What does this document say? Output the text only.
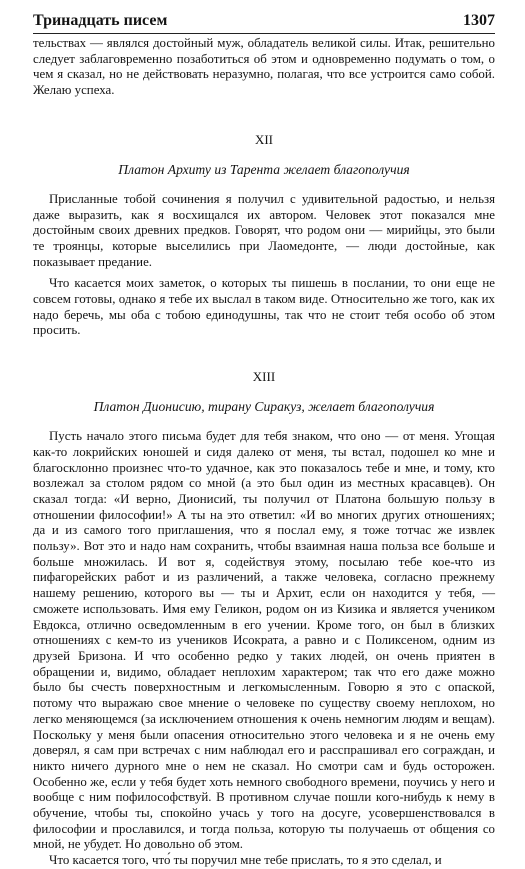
Тринадцать писем	1307

тельствах — являлся достойный муж, обладатель великой силы. Итак, решительно следует заблаговременно позаботиться об этом и одновременно подумать о том, о чем я сказал, но не действовать неразумно, полагая, что все устроится само собой. Желаю успеха.

XII

Платон Архиту из Тарента желает благополучия

Присланные тобой сочинения я получил с удивительной радостью, и нельзя даже выразить, как я восхищался их автором. Человек этот показался мне достойным своих древних предков. Говорят, что родом они — мирийцы, это были те троянцы, которые выселились при Лаомедонте, — люди достойные, как показывает предание.

Что касается моих заметок, о которых ты пишешь в послании, то они еще не совсем готовы, однако я тебе их выслал в таком виде. Относительно же того, как их надо беречь, мы оба с тобою единодушны, так что не стоит тебя особо об этом просить.

XIII

Платон Дионисию, тирану Сиракуз, желает благополучия

Пусть начало этого письма будет для тебя знаком, что оно — от меня. Угощая как-то локрийских юношей и сидя далеко от меня, ты встал, подошел ко мне и благосклонно произнес что-то удачное, как это показалось тебе и мне, и тому, кто возлежал за столом рядом со мной (а это был один из местных красавцев). Он сказал тогда: «И верно, Дионисий, ты получил от Платона большую пользу в отношении философии!» А ты на это ответил: «И во многих других отношениях; да и из самого того приглашения, что я послал ему, я тоже тотчас же извлек пользу». Вот это и надо нам сохранить, чтобы взаимная наша польза все больше и больше множилась. И вот я, содействуя этому, посылаю тебе кое-что из пифагорейских работ и из различений, а также человека, согласно прежнему нашему решению, которого вы — ты и Архит, если он находится у тебя, — сможете использовать. Имя ему Геликон, родом он из Кизика и является учеником Евдокса, отлично осведомленным в его учении. Кроме того, он был в близких отношениях с кем-то из учеников Исократа, а равно и с Поликсеном, одним из друзей Бризона. И что особенно редко у таких людей, он очень приятен в обращении и, видимо, обладает неплохим характером; так что его даже можно было бы счесть поверхностным и легкомысленным. Говорю я это с опаской, потому что выражаю свое мнение о человеке по существу своему неплохом, но легко меняющемся (за исключением отношения к очень немногим людям и вещам). Поскольку у меня были опасения относительно этого человека и я не очень ему доверял, я сам при встречах с ним наблюдал его и расспрашивал его сограждан, и никто ничего дурного мне о нем не сказал. Но смотри сам и будь осторожен. Особенно же, если у тебя будет хоть немного свободного времени, поучись у него и вообще с ним пофилософствуй. В противном случае пошли кого-нибудь к нему в обучение, чтобы ты, спокойно учась у того на досуге, усовершенствовался в философии и прославился, и тогда польза, которую ты получаешь от общения со мной, не убудет. Но довольно об этом.

Что касается того, что́ ты поручил мне тебе прислать, то я это сделал, и
